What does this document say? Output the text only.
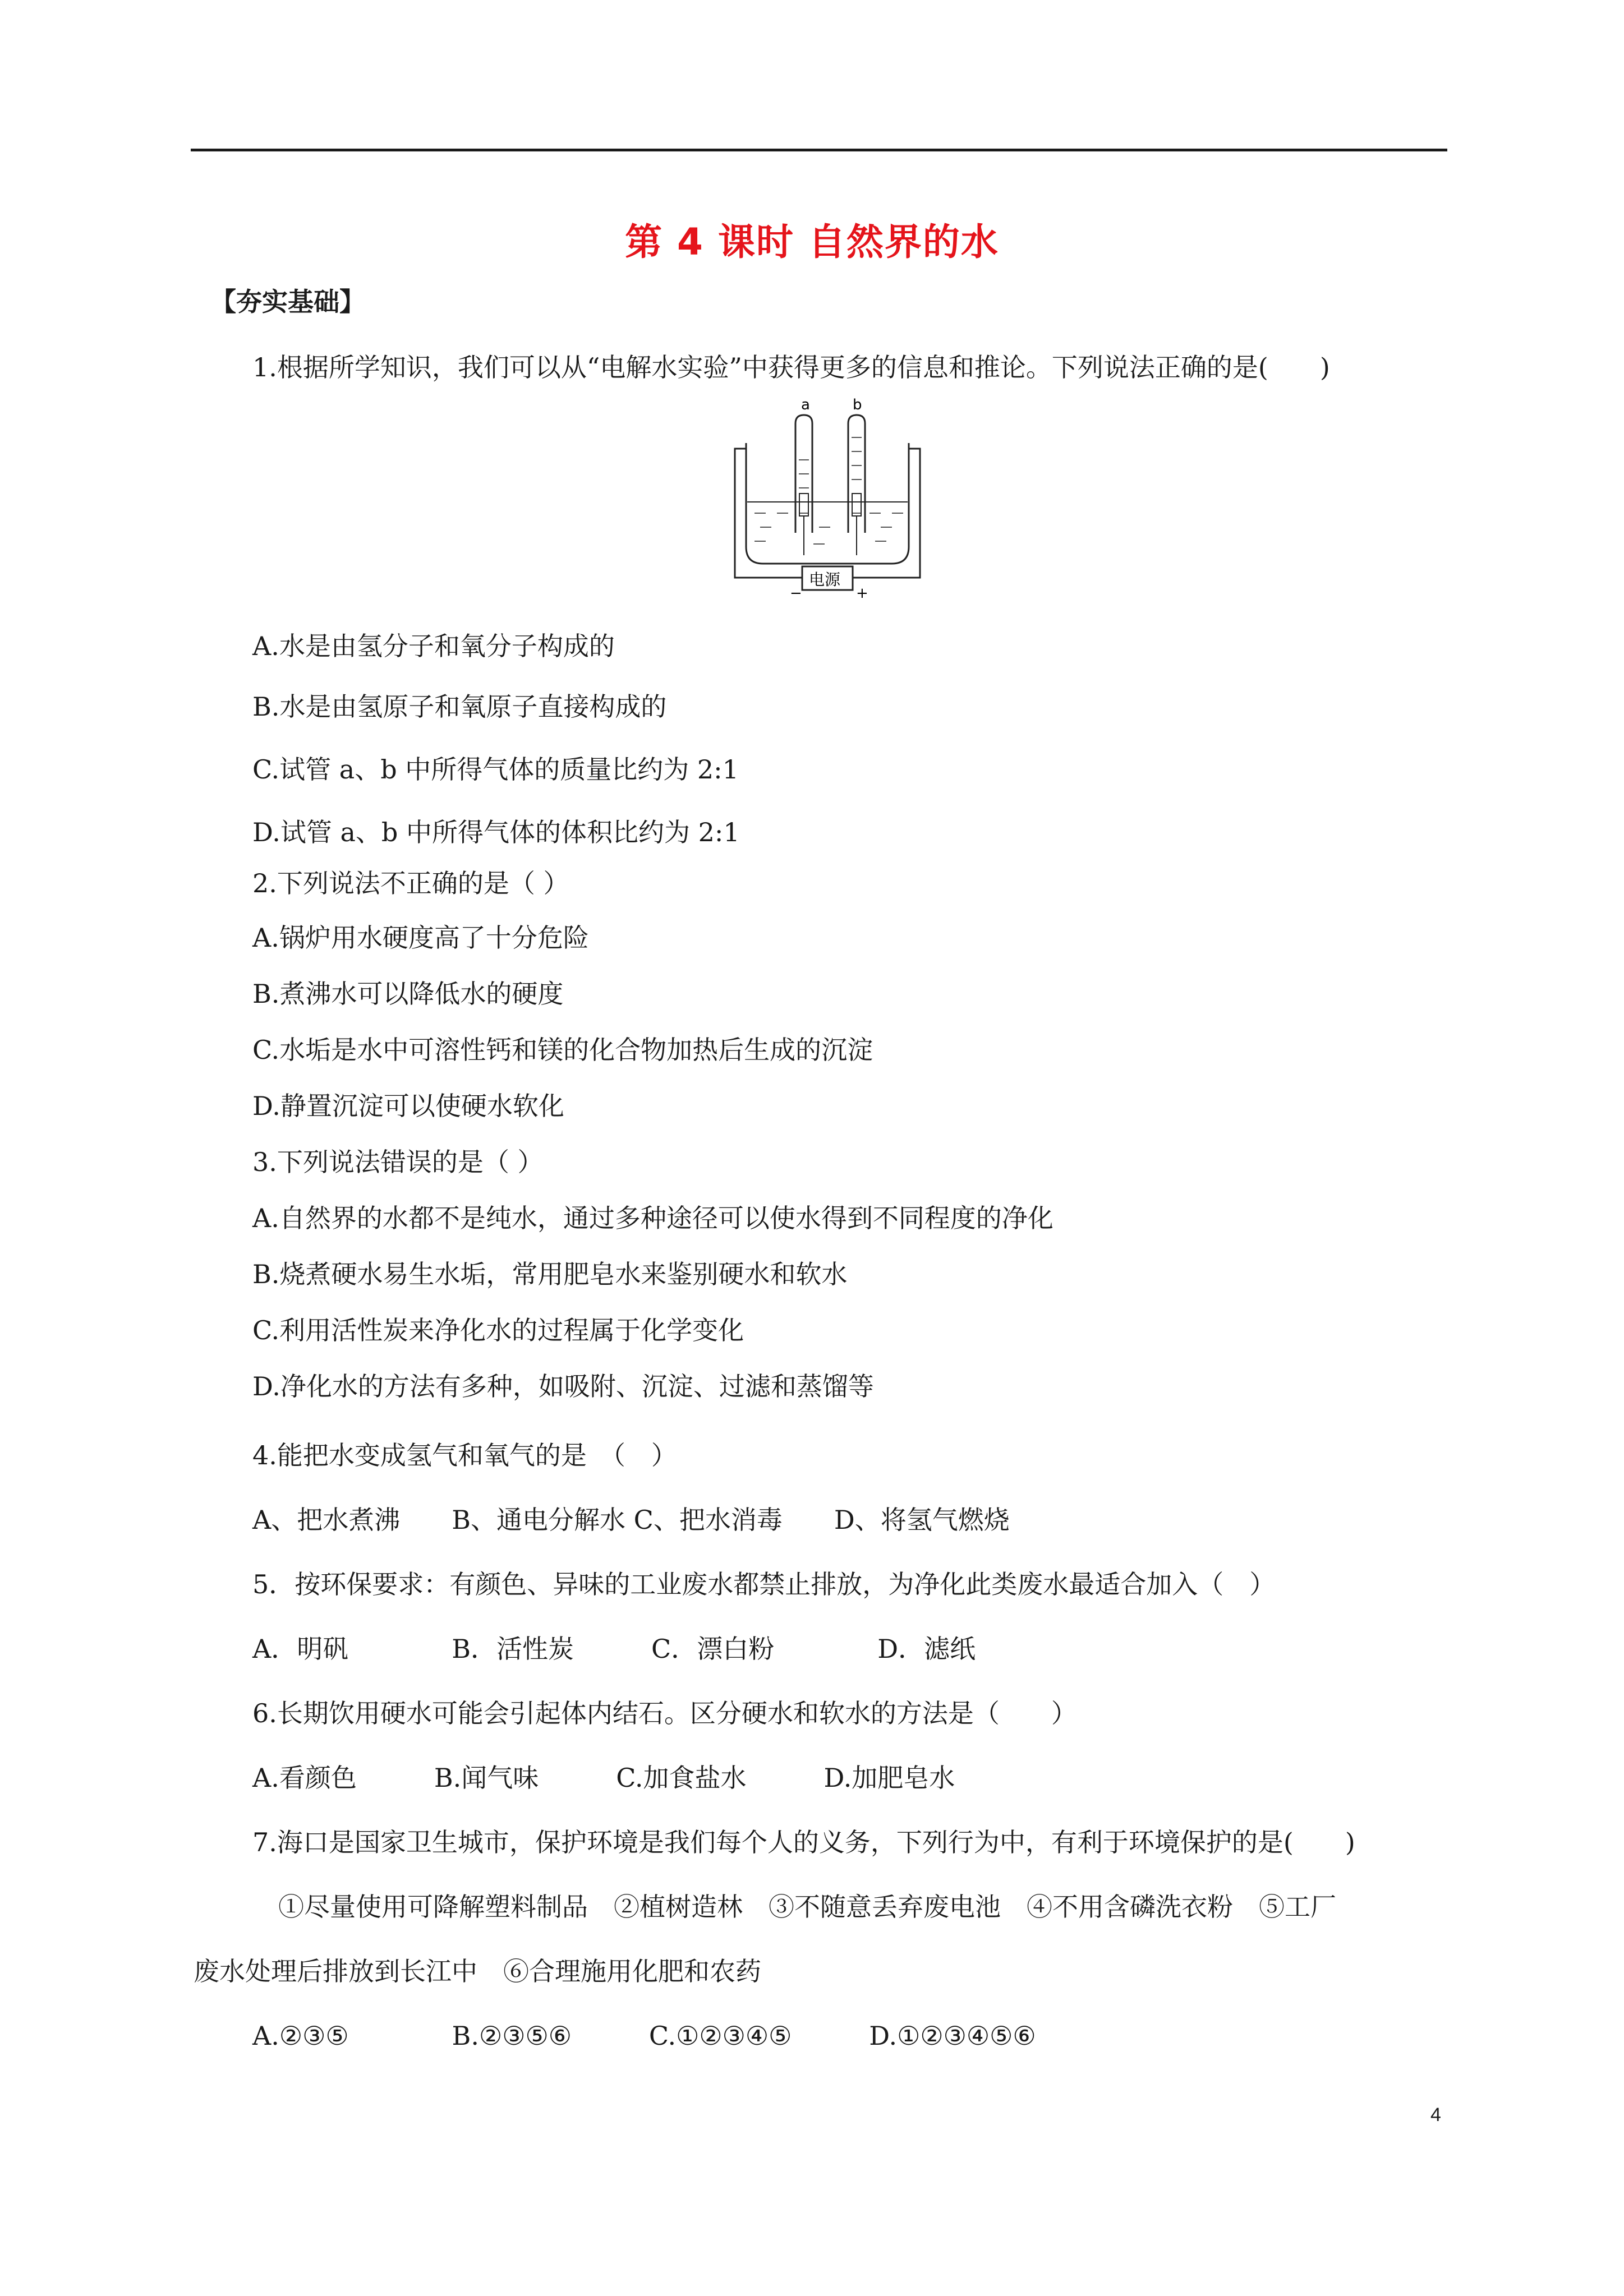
第 4 课时 自然界的水
【夯实基础】
1.根据所学知识，我们可以从“电解水实验”中获得更多的信息和推论。下列说法正确的是(　　)
a	b
电源
−	+
A.水是由氢分子和氧分子构成的
B.水是由氢原子和氧原子直接构成的
C.试管 a、b 中所得气体的质量比约为 2:1
D.试管 a、b 中所得气体的体积比约为 2:1
2.下列说法不正确的是（ ）
A.锅炉用水硬度高了十分危险
B.煮沸水可以降低水的硬度
C.水垢是水中可溶性钙和镁的化合物加热后生成的沉淀
D.静置沉淀可以使硬水软化
3.下列说法错误的是（ ）
A.自然界的水都不是纯水，通过多种途径可以使水得到不同程度的净化
B.烧煮硬水易生水垢，常用肥皂水来鉴别硬水和软水
C.利用活性炭来净化水的过程属于化学变化
D.净化水的方法有多种，如吸附、沉淀、过滤和蒸馏等
4.能把水变成氢气和氧气的是　（　）
A、把水煮沸　　B、通电分解水 C、把水消毒　　D、将氢气燃烧
5．按环保要求：有颜色、异味的工业废水都禁止排放，为净化此类废水最适合加入（　）
A．明矾　　　　B．活性炭　　　C．漂白粉　　　　D．滤纸
6.长期饮用硬水可能会引起体内结石。区分硬水和软水的方法是（　　）
A.看颜色　　　B.闻气味　　　C.加食盐水　　　D.加肥皂水
7.海口是国家卫生城市，保护环境是我们每个人的义务，下列行为中，有利于环境保护的是(　　)
　①尽量使用可降解塑料制品　②植树造林　③不随意丢弃废电池　④不用含磷洗衣粉　⑤工厂
废水处理后排放到长江中　⑥合理施用化肥和农药
A.②③⑤　　　　B.②③⑤⑥　　　C.①②③④⑤　　　D.①②③④⑤⑥
4
